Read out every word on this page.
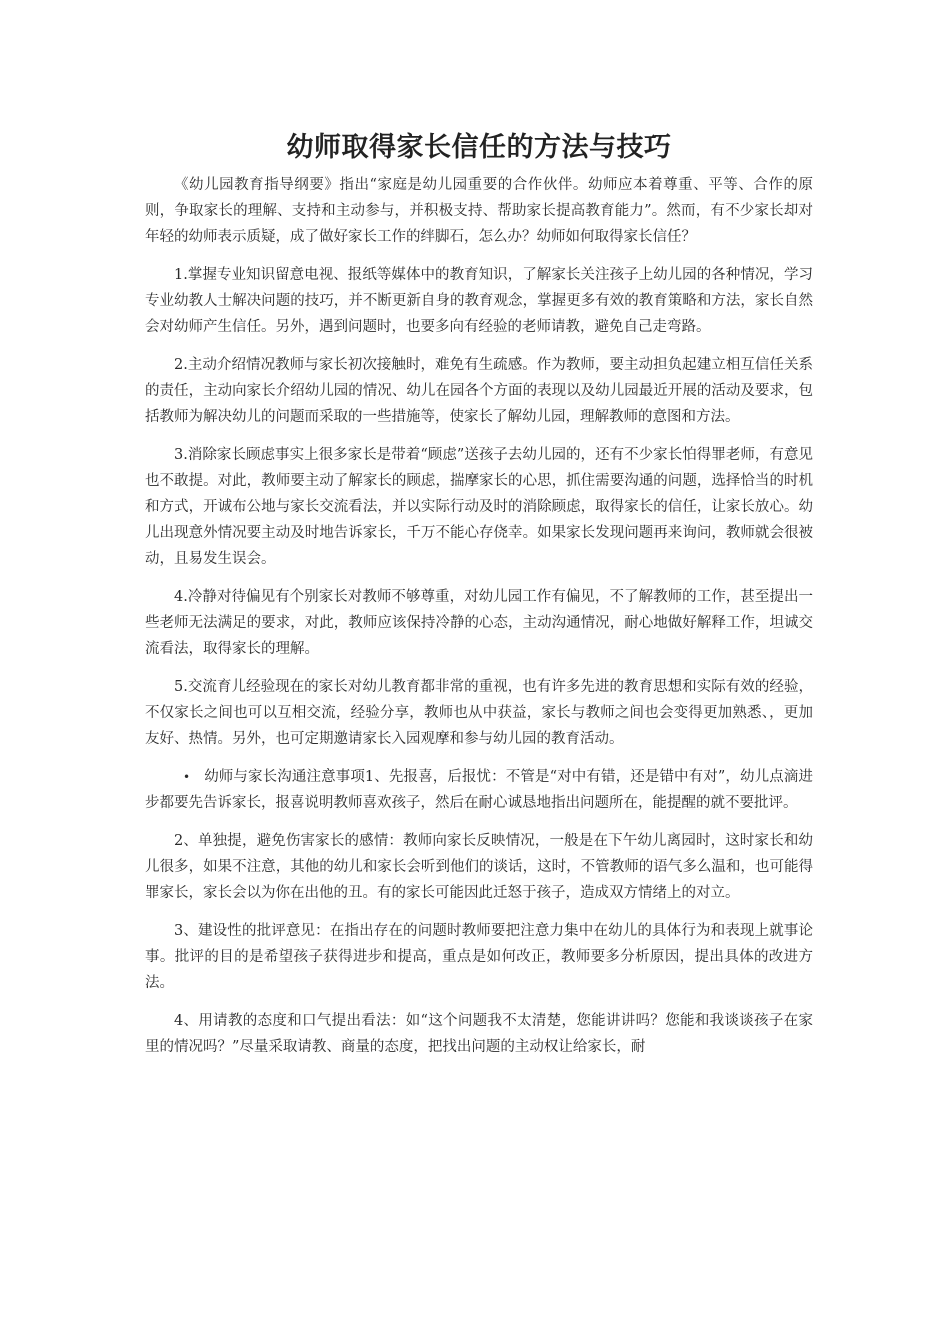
幼师取得家长信任的方法与技巧

《幼儿园教育指导纲要》指出“家庭是幼儿园重要的合作伙伴。幼师应本着尊重、平等、合作的原则，争取家长的理解、支持和主动参与，并积极支持、帮助家长提高教育能力”。然而，有不少家长却对年轻的幼师表示质疑，成了做好家长工作的绊脚石，怎么办？幼师如何取得家长信任？

1.掌握专业知识留意电视、报纸等媒体中的教育知识，了解家长关注孩子上幼儿园的各种情况，学习专业幼教人士解决问题的技巧，并不断更新自身的教育观念，掌握更多有效的教育策略和方法，家长自然会对幼师产生信任。另外，遇到问题时，也要多向有经验的老师请教，避免自己走弯路。

2.主动介绍情况教师与家长初次接触时，难免有生疏感。作为教师，要主动担负起建立相互信任关系的责任，主动向家长介绍幼儿园的情况、幼儿在园各个方面的表现以及幼儿园最近开展的活动及要求，包括教师为解决幼儿的问题而采取的一些措施等，使家长了解幼儿园，理解教师的意图和方法。

3.消除家长顾虑事实上很多家长是带着“顾虑”送孩子去幼儿园的，还有不少家长怕得罪老师，有意见也不敢提。对此，教师要主动了解家长的顾虑，揣摩家长的心思，抓住需要沟通的问题，选择恰当的时机和方式，开诚布公地与家长交流看法，并以实际行动及时的消除顾虑，取得家长的信任，让家长放心。幼儿出现意外情况要主动及时地告诉家长，千万不能心存侥幸。如果家长发现问题再来询问，教师就会很被动，且易发生误会。

4.冷静对待偏见有个别家长对教师不够尊重，对幼儿园工作有偏见，不了解教师的工作，甚至提出一些老师无法满足的要求，对此，教师应该保持冷静的心态，主动沟通情况，耐心地做好解释工作，坦诚交流看法，取得家长的理解。

5.交流育儿经验现在的家长对幼儿教育都非常的重视，也有许多先进的教育思想和实际有效的经验，不仅家长之间也可以互相交流，经验分享，教师也从中获益，家长与教师之间也会变得更加熟悉、，更加友好、热情。另外，也可定期邀请家长入园观摩和参与幼儿园的教育活动。

• 幼师与家长沟通注意事项1、先报喜，后报忧：不管是“对中有错，还是错中有对”，幼儿点滴进步都要先告诉家长，报喜说明教师喜欢孩子，然后在耐心诚恳地指出问题所在，能提醒的就不要批评。

2、单独提，避免伤害家长的感情：教师向家长反映情况，一般是在下午幼儿离园时，这时家长和幼儿很多，如果不注意，其他的幼儿和家长会听到他们的谈话，这时，不管教师的语气多么温和，也可能得罪家长，家长会以为你在出他的丑。有的家长可能因此迁怒于孩子，造成双方情绪上的对立。

3、建设性的批评意见：在指出存在的问题时教师要把注意力集中在幼儿的具体行为和表现上就事论事。批评的目的是希望孩子获得进步和提高，重点是如何改正，教师要多分析原因，提出具体的改进方法。

4、用请教的态度和口气提出看法：如“这个问题我不太清楚，您能讲讲吗？您能和我谈谈孩子在家里的情况吗？”尽量采取请教、商量的态度，把找出问题的主动权让给家长，耐
